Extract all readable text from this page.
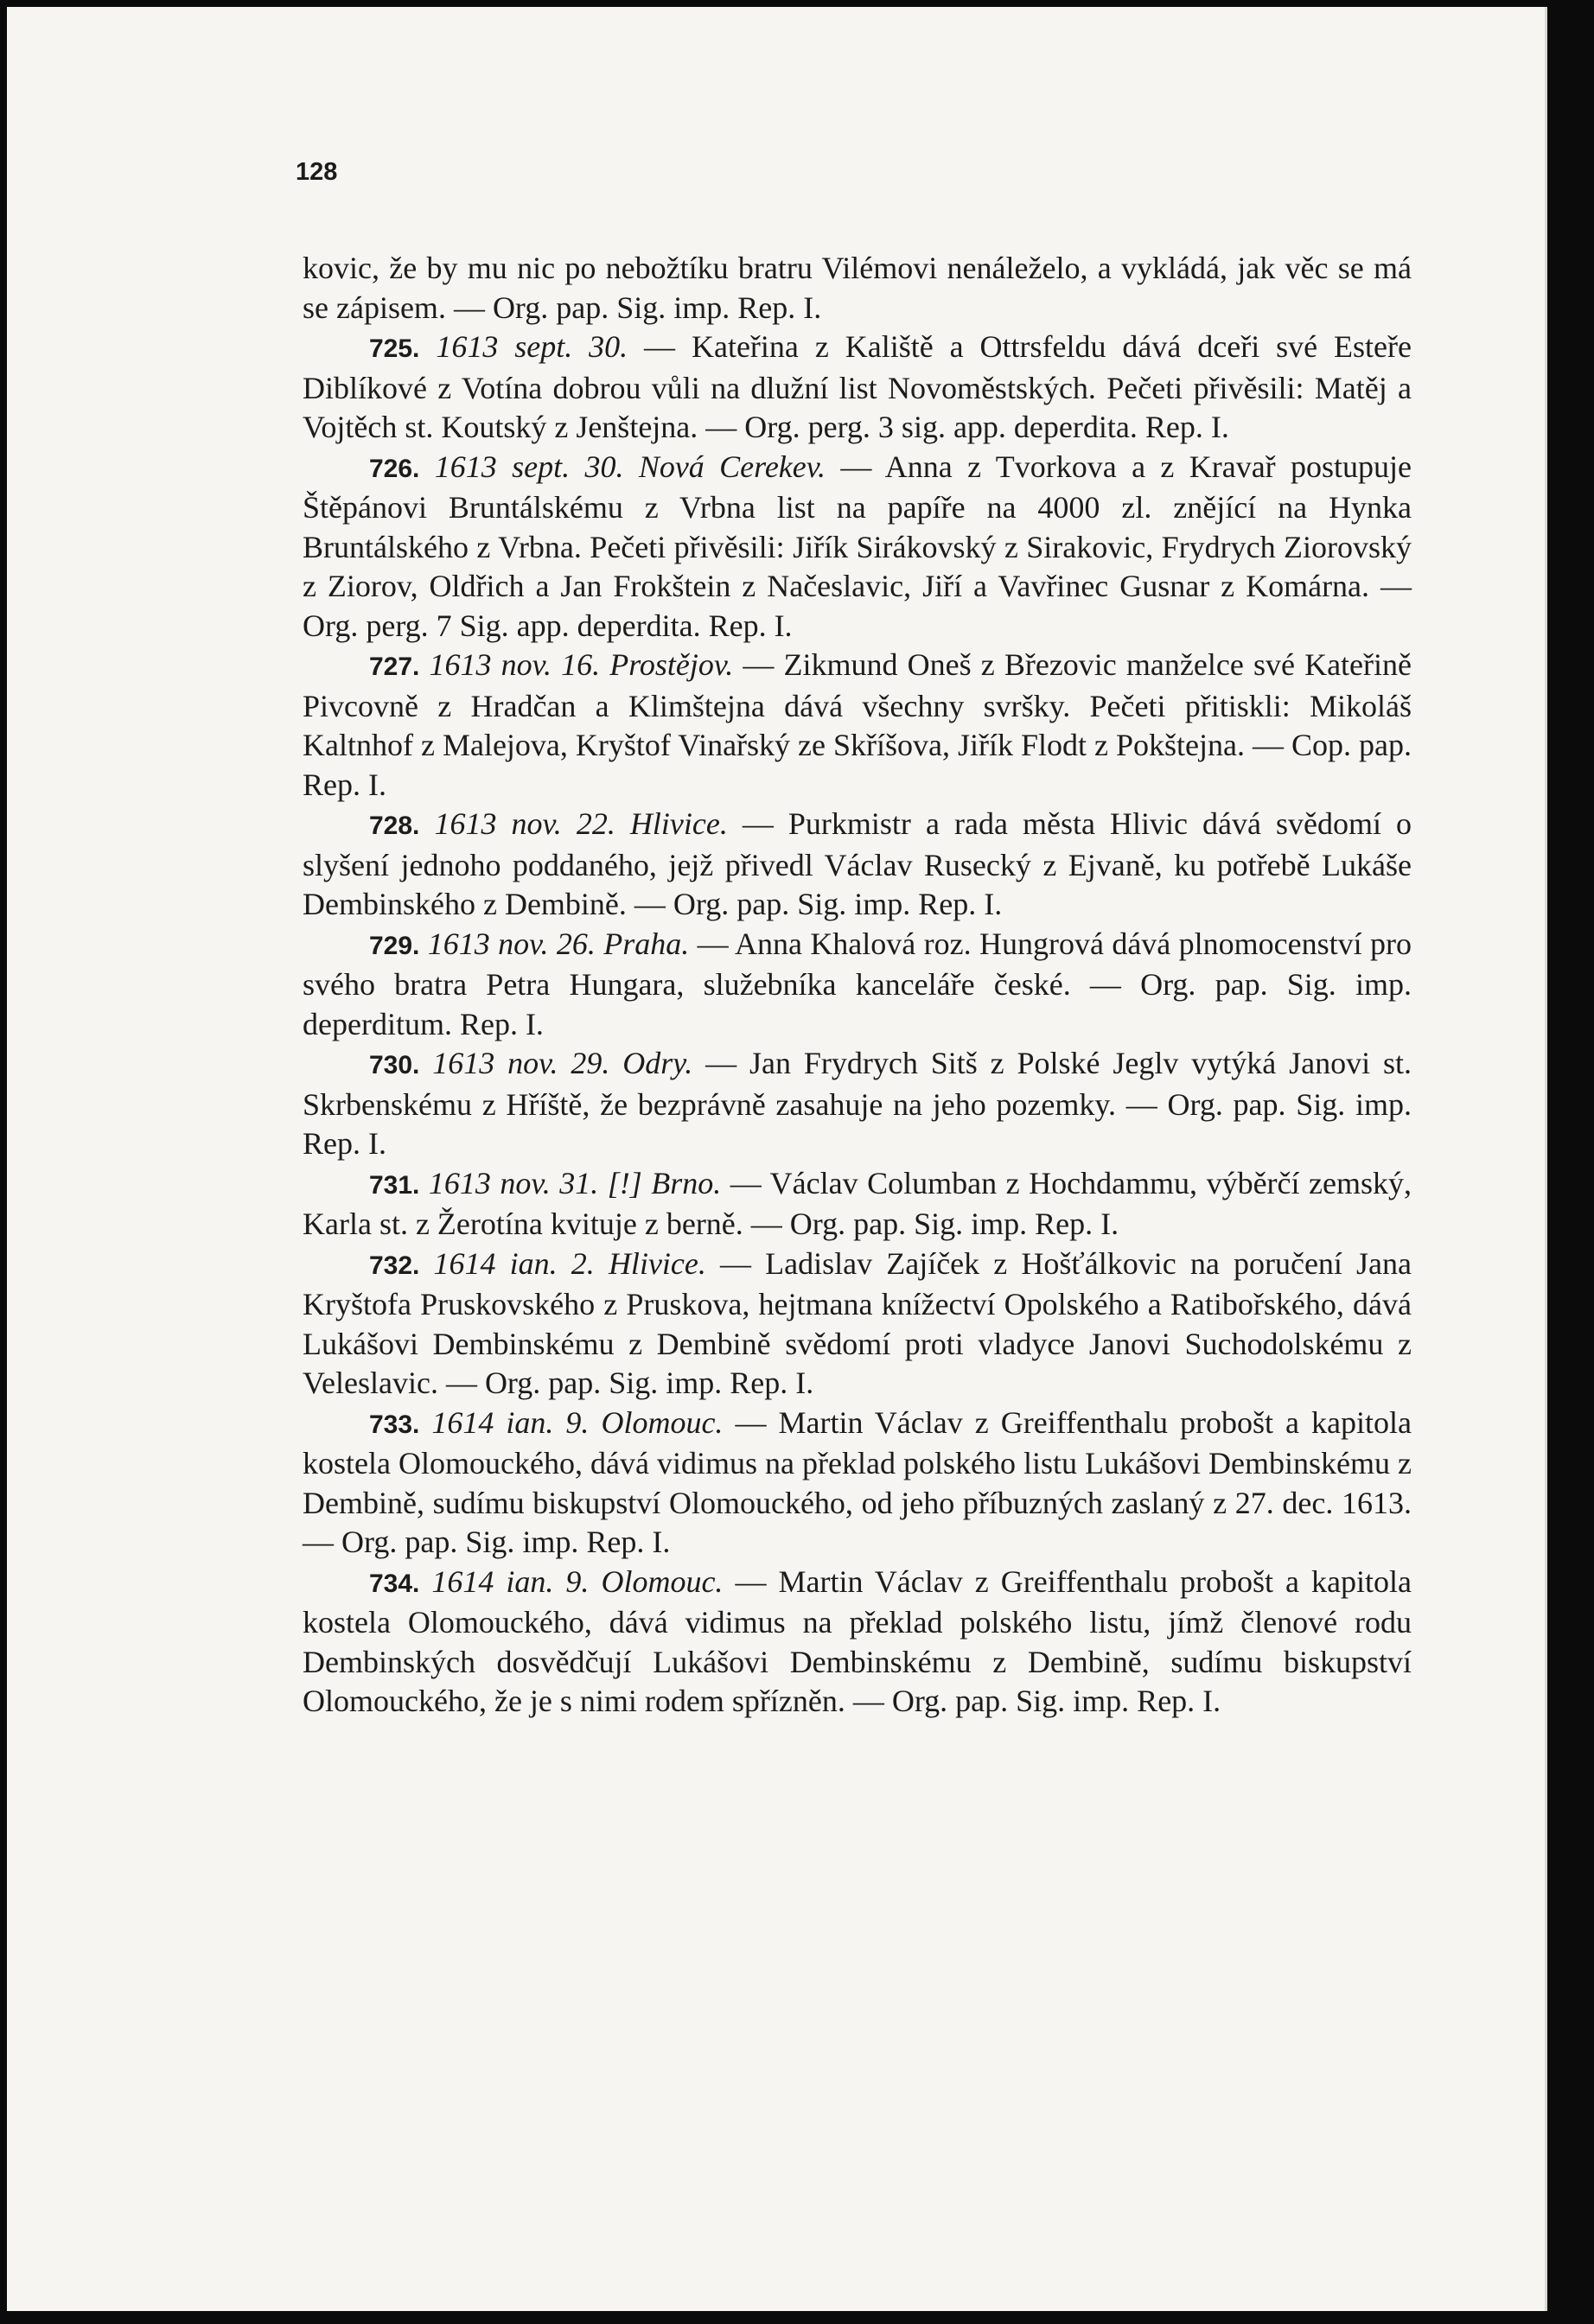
128

kovic, že by mu nic po nebožtíku bratru Vilémovi nenáleželo, a vykládá, jak věc se má se zápisem. — Org. pap. Sig. imp. Rep. I.

725. 1613 sept. 30. — Kateřina z Kaliště a Ottrsfeldu dává dceři své Esteře Diblíkové z Votína dobrou vůli na dlužní list Novoměstských. Pečeti přivěsili: Matěj a Vojtěch st. Koutský z Jenštejna. — Org. perg. 3 sig. app. deperdita. Rep. I.

726. 1613 sept. 30. Nová Cerekev. — Anna z Tvorkova a z Kravař postupuje Štěpánovi Bruntálskému z Vrbna list na papíře na 4000 zl. znějící na Hynka Bruntálského z Vrbna. Pečeti přivěsili: Jiřík Sirákovský z Sirakovic, Frydrych Ziorovský z Ziorov, Oldřich a Jan Frokštein z Načeslavic, Jiří a Vavřinec Gusnar z Komárna. — Org. perg. 7 Sig. app. deperdita. Rep. I.

727. 1613 nov. 16. Prostějov. — Zikmund Oneš z Březovic manželce své Kateřině Pivcovně z Hradčan a Klimštejna dává všechny svršky. Pečeti přitiskli: Mikoláš Kaltnhof z Malejova, Kryštof Vinařský ze Skříšova, Jiřík Flodt z Pokštejna. — Cop. pap. Rep. I.

728. 1613 nov. 22. Hlivice. — Purkmistr a rada města Hlivic dává svědomí o slyšení jednoho poddaného, jejž přivedl Václav Rusecký z Ejvaně, ku potřebě Lukáše Dembinského z Dembině. — Org. pap. Sig. imp. Rep. I.

729. 1613 nov. 26. Praha. — Anna Khalová roz. Hungrová dává plnomocenství pro svého bratra Petra Hungara, služebníka kanceláře české. — Org. pap. Sig. imp. deperditum. Rep. I.

730. 1613 nov. 29. Odry. — Jan Frydrych Sitš z Polské Jeglv vytýká Janovi st. Skrbenskému z Hříště, že bezprávně zasahuje na jeho pozemky. — Org. pap. Sig. imp. Rep. I.

731. 1613 nov. 31. [!] Brno. — Václav Columban z Hochdammu, výběrčí zemský, Karla st. z Žerotína kvituje z berně. — Org. pap. Sig. imp. Rep. I.

732. 1614 ian. 2. Hlivice. — Ladislav Zajíček z Hošťálkovic na poručení Jana Kryštofa Pruskovského z Pruskova, hejtmana knížectví Opolského a Ratibořského, dává Lukášovi Dembinskému z Dembině svědomí proti vladyce Janovi Suchodolskému z Veleslavic. — Org. pap. Sig. imp. Rep. I.

733. 1614 ian. 9. Olomouc. — Martin Václav z Greiffenthalu probošt a kapitola kostela Olomouckého, dává vidimus na překlad polského listu Lukášovi Dembinskému z Dembině, sudímu biskupství Olomouckého, od jeho příbuzných zaslaný z 27. dec. 1613. — Org. pap. Sig. imp. Rep. I.

734. 1614 ian. 9. Olomouc. — Martin Václav z Greiffenthalu probošt a kapitola kostela Olomouckého, dává vidimus na překlad polského listu, jímž členové rodu Dembinských dosvědčují Lukášovi Dembinskému z Dembině, sudímu biskupství Olomouckého, že je s nimi rodem spřízněn. — Org. pap. Sig. imp. Rep. I.
